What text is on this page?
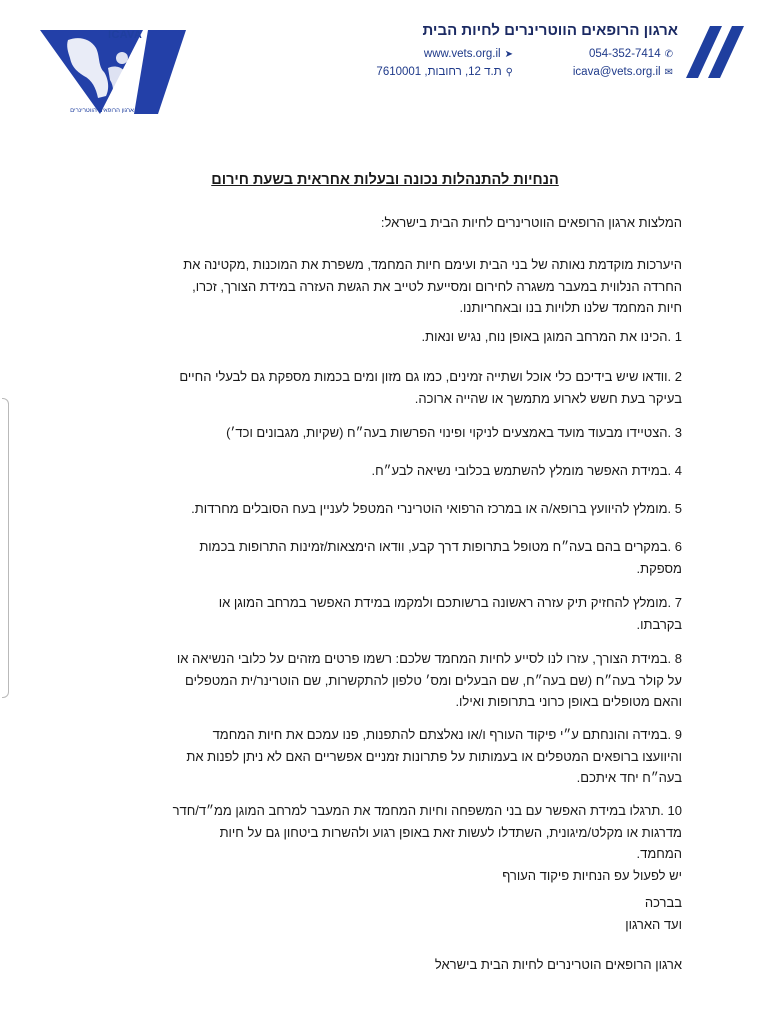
ICAVA
ארגון הרופאים הווטרינרים
ארגון הרופאים הווטרינרים לחיות הבית
054-352-7414 ✆
www.vets.org.il ➤
icava@vets.org.il ✉
⚲
ת.ד 12, רחובות, 7610001
הנחיות להתנהלות נכונה ובעלות אחראית בשעת חירום
המלצות ארגון הרופאים הווטרינרים לחיות הבית בישראל:
היערכות מוקדמת נאותה של בני הבית ועימם חיות המחמד, משפרת את המוכנות ,מקטינה את
החרדה הנלווית במעבר משגרה לחירום ומסייעת לטייב את הגשת העזרה במידת הצורך, זכרו,
חיות המחמד שלנו תלויות בנו ובאחריותנו.
1 .הכינו את המרחב המוגן באופן נוח, נגיש ונאות.
2 .וודאו שיש בידיכם כלי אוכל ושתייה זמינים, כמו גם מזון ומים בכמות מספקת גם לבעלי החיים
בעיקר בעת חשש לארוע מתמשך או שהייה ארוכה.
3 .הצטיידו מבעוד מועד באמצעים לניקוי ופינוי הפרשות בעה״ח (שקיות, מגבונים וכד׳)
4 .במידת האפשר מומלץ להשתמש בכלובי נשיאה לבע״ח.
5 .מומלץ להיוועץ ברופא/ה או במרכז הרפואי הוטרינרי המטפל לעניין בעח הסובלים מחרדות.
6 .במקרים בהם בעה״ח מטופל בתרופות דרך קבע, וודאו הימצאות/זמינות התרופות בכמות
מספקת.
7 .מומלץ להחזיק תיק עזרה ראשונה ברשותכם ולמקמו במידת האפשר במרחב המוגן או
בקרבתו.
8 .במידת הצורך, עזרו לנו לסייע לחיות המחמד שלכם: רשמו פרטים מזהים על כלובי הנשיאה או
על קולר בעה״ח (שם בעה״ח, שם הבעלים ומס׳ טלפון להתקשרות, שם הוטרינר/ית המטפלים
והאם מטופלים באופן כרוני בתרופות ואילו.
9 .במידה והונחתם ע״י פיקוד העורף ו/או נאלצתם להתפנות, פנו עמכם את חיות המחמד
והיוועצו ברופאים המטפלים או בעמותות על פתרונות זמניים אפשריים האם לא ניתן לפנות את
בעה״ח יחד איתכם.
10 .תרגלו במידת האפשר עם בני המשפחה וחיות המחמד את המעבר למרחב המוגן ממ״ד/חדר
מדרגות או מקלט/מיגונית, השתדלו לעשות זאת באופן רגוע ולהשרות ביטחון גם על חיות
המחמד.
יש לפעול עפ הנחיות פיקוד העורף
בברכה
ועד הארגון
ארגון הרופאים הוטרינרים לחיות הבית בישראל
